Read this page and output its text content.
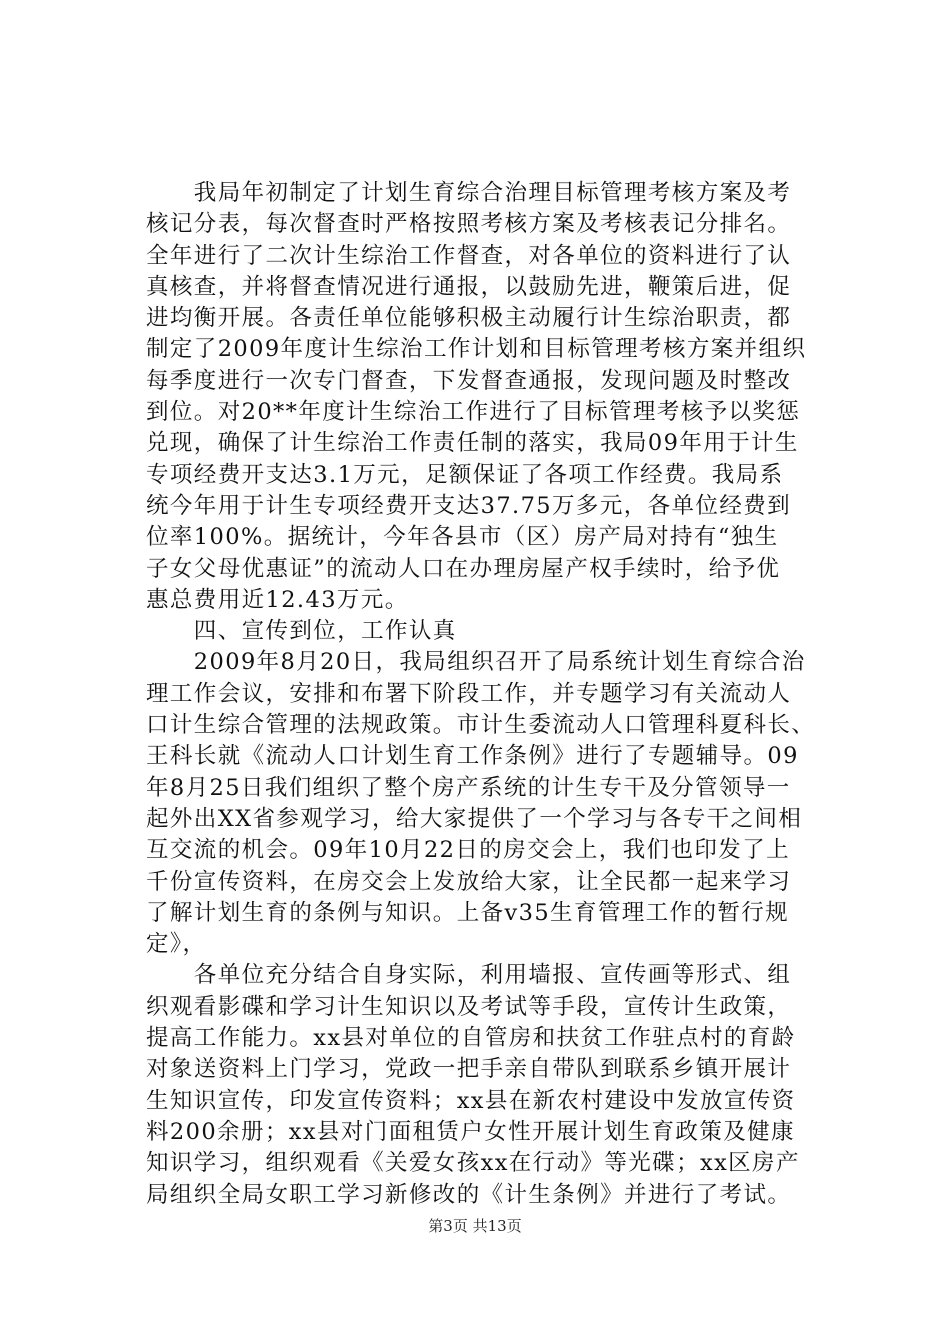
　　我局年初制定了计划生育综合治理目标管理考核方案及考
核记分表，每次督查时严格按照考核方案及考核表记分排名。
全年进行了二次计生综治工作督查，对各单位的资料进行了认
真核查，并将督查情况进行通报，以鼓励先进，鞭策后进，促
进均衡开展。各责任单位能够积极主动履行计生综治职责，都
制定了2009年度计生综治工作计划和目标管理考核方案并组织
每季度进行一次专门督查，下发督查通报，发现问题及时整改
到位。对20**年度计生综治工作进行了目标管理考核予以奖惩
兑现，确保了计生综治工作责任制的落实，我局09年用于计生
专项经费开支达3.1万元，足额保证了各项工作经费。我局系
统今年用于计生专项经费开支达37.75万多元，各单位经费到
位率100%。据统计，今年各县市（区）房产局对持有“独生
子女父母优惠证”的流动人口在办理房屋产权手续时，给予优
惠总费用近12.43万元。
　　四、宣传到位，工作认真
　　2009年8月20日，我局组织召开了局系统计划生育综合治
理工作会议，安排和布署下阶段工作，并专题学习有关流动人
口计生综合管理的法规政策。市计生委流动人口管理科夏科长、
王科长就《流动人口计划生育工作条例》进行了专题辅导。09
年8月25日我们组织了整个房产系统的计生专干及分管领导一
起外出XX省参观学习，给大家提供了一个学习与各专干之间相
互交流的机会。09年10月22日的房交会上，我们也印发了上
千份宣传资料，在房交会上发放给大家，让全民都一起来学习
了解计划生育的条例与知识。上备v35生育管理工作的暂行规
定》，
　　各单位充分结合自身实际，利用墙报、宣传画等形式、组
织观看影碟和学习计生知识以及考试等手段，宣传计生政策，
提高工作能力。xx县对单位的自管房和扶贫工作驻点村的育龄
对象送资料上门学习，党政一把手亲自带队到联系乡镇开展计
生知识宣传，印发宣传资料；xx县在新农村建设中发放宣传资
料200余册；xx县对门面租赁户女性开展计划生育政策及健康
知识学习，组织观看《关爱女孩xx在行动》等光碟；xx区房产
局组织全局女职工学习新修改的《计生条例》并进行了考试。
第3页 共13页
